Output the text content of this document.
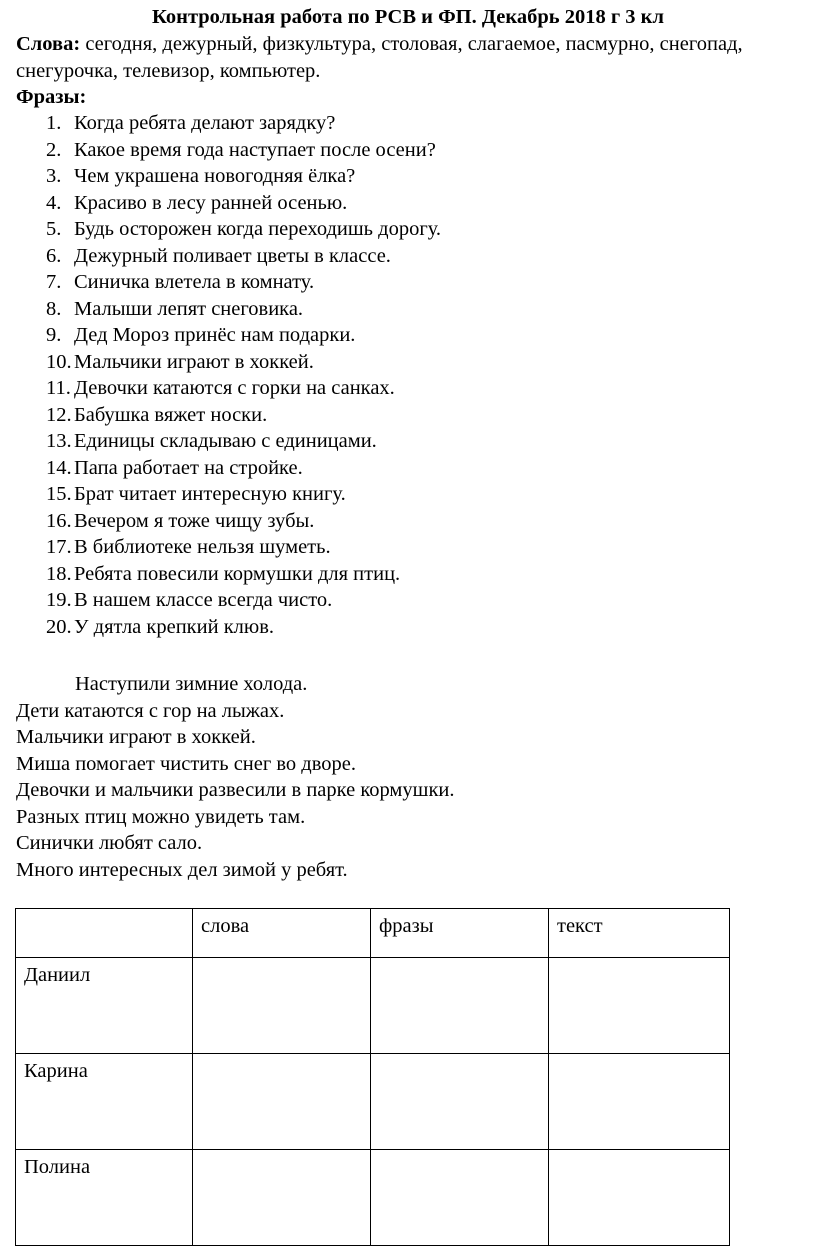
Контрольная работа по РСВ и ФП. Декабрь 2018 г 3 кл
Слова: сегодня, дежурный, физкультура, столовая, слагаемое, пасмурно, снегопад, снегурочка, телевизор, компьютер.
Фразы:
1. Когда ребята делают зарядку?
2. Какое время года наступает после осени?
3. Чем украшена новогодняя ёлка?
4. Красиво в лесу ранней осенью.
5. Будь осторожен когда переходишь дорогу.
6. Дежурный поливает цветы в классе.
7. Синичка влетела в комнату.
8. Малыши лепят снеговика.
9. Дед Мороз принёс нам подарки.
10. Мальчики играют в хоккей.
11. Девочки катаются с горки на санках.
12. Бабушка вяжет носки.
13. Единицы складываю с единицами.
14. Папа работает на стройке.
15. Брат читает интересную книгу.
16. Вечером я тоже чищу зубы.
17. В библиотеке нельзя шуметь.
18. Ребята повесили кормушки для птиц.
19. В нашем классе всегда чисто.
20. У дятла крепкий клюв.
Наступили зимние холода.
Дети катаются с гор на лыжах.
Мальчики играют в хоккей.
Миша помогает чистить снег во дворе.
Девочки и мальчики развесили в парке кормушки.
Разных птиц можно увидеть там.
Синички любят сало.
Много интересных дел зимой у ребят.
	слова	фразы	текст
Даниил			
Карина			
Полина			
